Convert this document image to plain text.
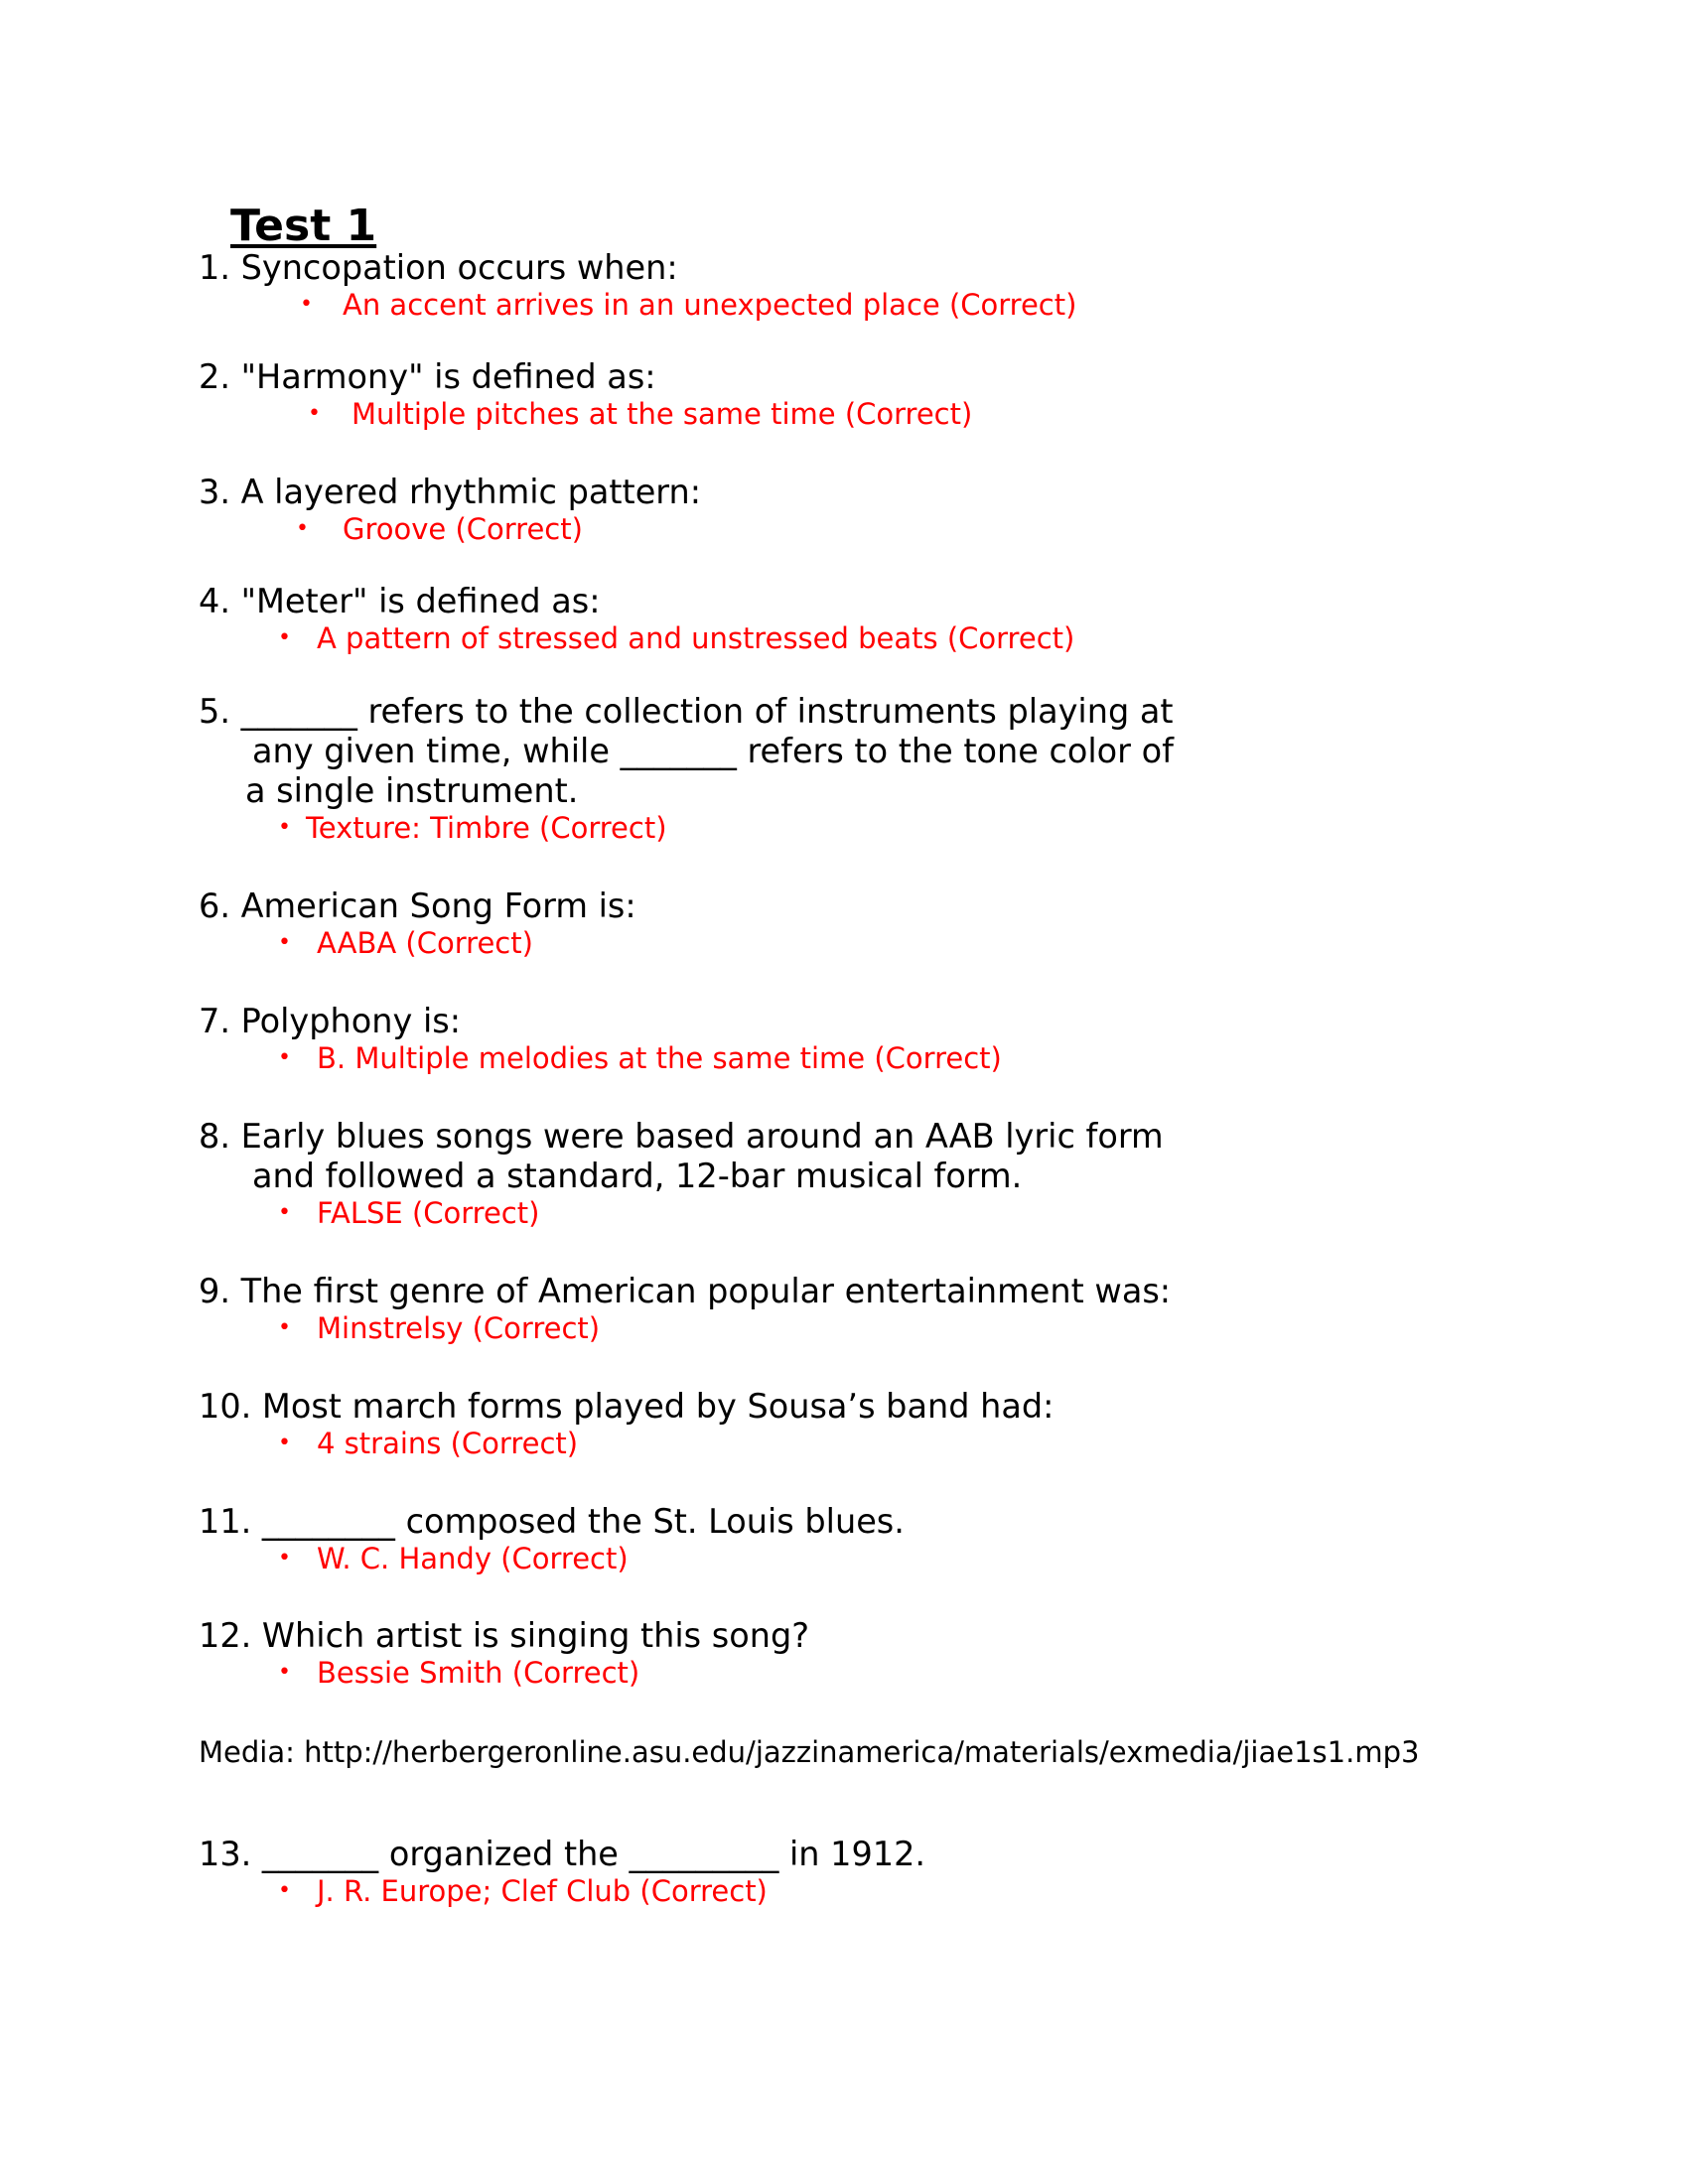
Test 1
1. Syncopation occurs when:
• An accent arrives in an unexpected place (Correct)
2. "Harmony" is defined as:
• Multiple pitches at the same time (Correct)
3. A layered rhythmic pattern:
• Groove (Correct)
4. "Meter" is defined as:
• A pattern of stressed and unstressed beats (Correct)
5. _______ refers to the collection of instruments playing at
any given time, while _______ refers to the tone color of
a single instrument.
• Texture: Timbre (Correct)
6. American Song Form is:
• AABA (Correct)
7. Polyphony is:
• B. Multiple melodies at the same time (Correct)
8. Early blues songs were based around an AAB lyric form
and followed a standard, 12-bar musical form.
• FALSE (Correct)
9. The first genre of American popular entertainment was:
• Minstrelsy (Correct)
10. Most march forms played by Sousa’s band had:
• 4 strains (Correct)
11. ________ composed the St. Louis blues.
• W. C. Handy (Correct)
12. Which artist is singing this song?
• Bessie Smith (Correct)
Media: http://herbergeronline.asu.edu/jazzinamerica/materials/exmedia/jiae1s1.mp3
13. _______ organized the _________ in 1912.
• J. R. Europe; Clef Club (Correct)
